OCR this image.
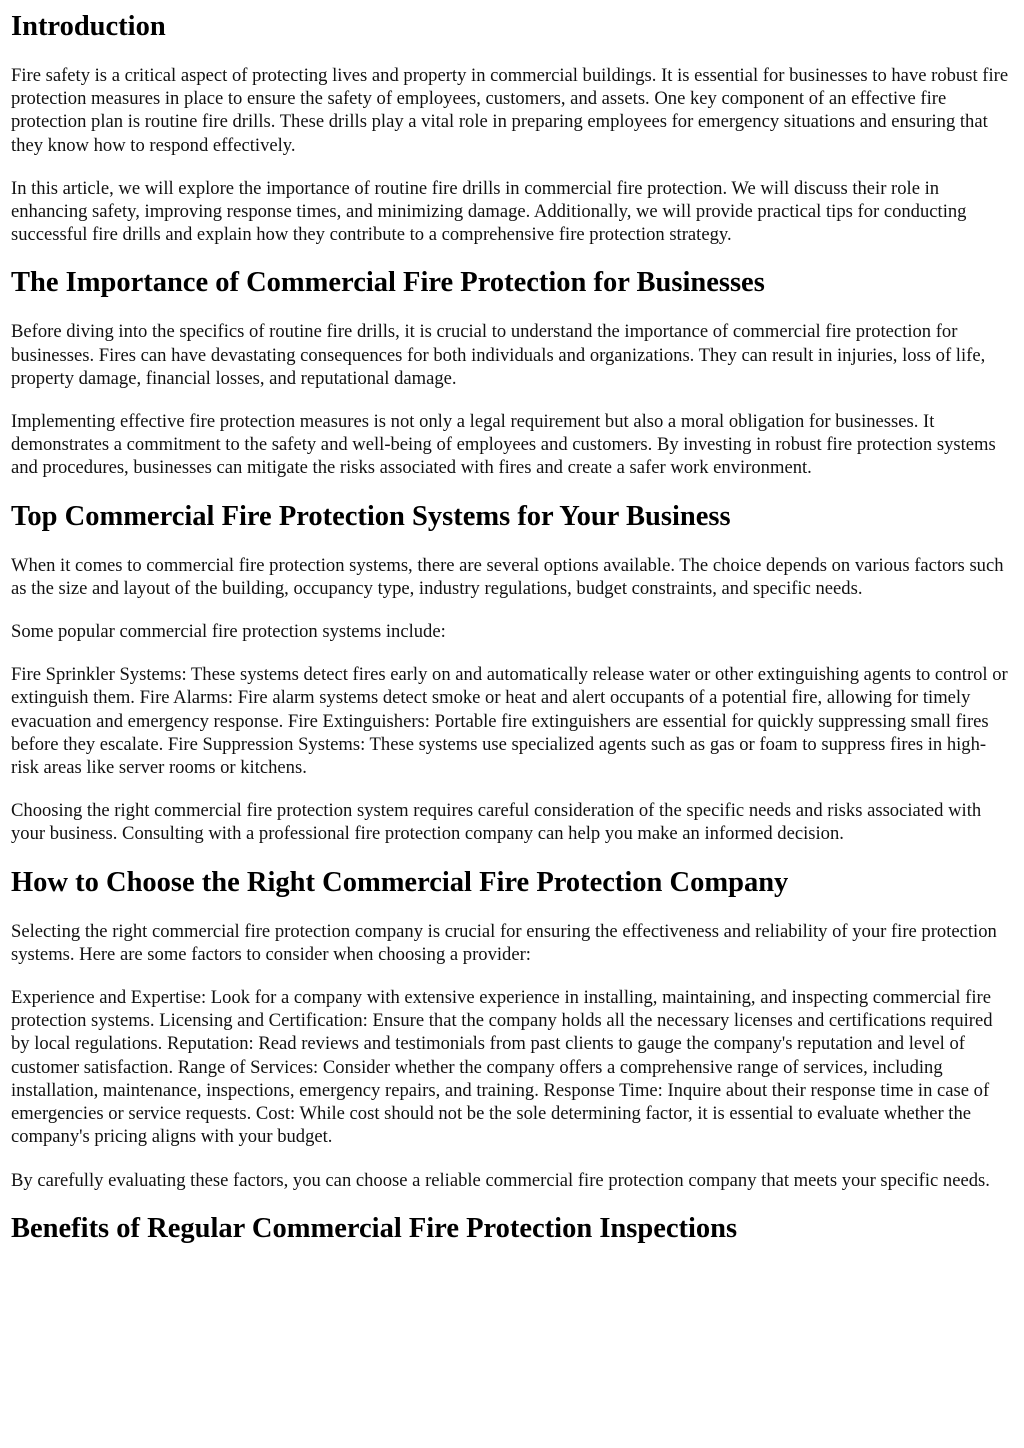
Introduction

Fire safety is a critical aspect of protecting lives and property in commercial buildings. It is essential for businesses to have robust fire protection measures in place to ensure the safety of employees, customers, and assets. One key component of an effective fire protection plan is routine fire drills. These drills play a vital role in preparing employees for emergency situations and ensuring that they know how to respond effectively.

In this article, we will explore the importance of routine fire drills in commercial fire protection. We will discuss their role in enhancing safety, improving response times, and minimizing damage. Additionally, we will provide practical tips for conducting successful fire drills and explain how they contribute to a comprehensive fire protection strategy.

The Importance of Commercial Fire Protection for Businesses

Before diving into the specifics of routine fire drills, it is crucial to understand the importance of commercial fire protection for businesses. Fires can have devastating consequences for both individuals and organizations. They can result in injuries, loss of life, property damage, financial losses, and reputational damage.

Implementing effective fire protection measures is not only a legal requirement but also a moral obligation for businesses. It demonstrates a commitment to the safety and well-being of employees and customers. By investing in robust fire protection systems and procedures, businesses can mitigate the risks associated with fires and create a safer work environment.

Top Commercial Fire Protection Systems for Your Business

When it comes to commercial fire protection systems, there are several options available. The choice depends on various factors such as the size and layout of the building, occupancy type, industry regulations, budget constraints, and specific needs.

Some popular commercial fire protection systems include:

Fire Sprinkler Systems: These systems detect fires early on and automatically release water or other extinguishing agents to control or extinguish them. Fire Alarms: Fire alarm systems detect smoke or heat and alert occupants of a potential fire, allowing for timely evacuation and emergency response. Fire Extinguishers: Portable fire extinguishers are essential for quickly suppressing small fires before they escalate. Fire Suppression Systems: These systems use specialized agents such as gas or foam to suppress fires in high-risk areas like server rooms or kitchens.

Choosing the right commercial fire protection system requires careful consideration of the specific needs and risks associated with your business. Consulting with a professional fire protection company can help you make an informed decision.

How to Choose the Right Commercial Fire Protection Company

Selecting the right commercial fire protection company is crucial for ensuring the effectiveness and reliability of your fire protection systems. Here are some factors to consider when choosing a provider:

Experience and Expertise: Look for a company with extensive experience in installing, maintaining, and inspecting commercial fire protection systems. Licensing and Certification: Ensure that the company holds all the necessary licenses and certifications required by local regulations. Reputation: Read reviews and testimonials from past clients to gauge the company's reputation and level of customer satisfaction. Range of Services: Consider whether the company offers a comprehensive range of services, including installation, maintenance, inspections, emergency repairs, and training. Response Time: Inquire about their response time in case of emergencies or service requests. Cost: While cost should not be the sole determining factor, it is essential to evaluate whether the company's pricing aligns with your budget.

By carefully evaluating these factors, you can choose a reliable commercial fire protection company that meets your specific needs.

Benefits of Regular Commercial Fire Protection Inspections
